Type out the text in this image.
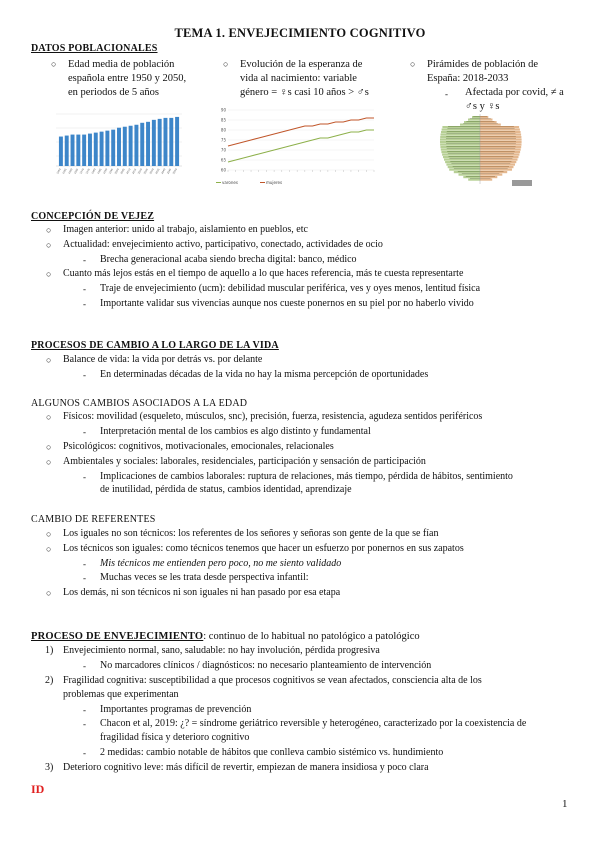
TEMA 1. ENVEJECIMIENTO COGNITIVO
DATOS POBLACIONALES
○ Edad media de población
española entre 1950 y 2050,
en periodos de 5 años
○ Evolución de la esperanza de
vida al nacimiento: variable
género = ♀s casi 10 años > ♂s
○ Pirámides de población de
España: 2018-2033
- Afectada por covid, ≠ a
♂s y ♀s
1950 1955 1960 1965 1970 1975 1980 1985 1990 1995 2000 2005 2010 2015 2020 2025 2030 2035 2040 2045 2050
varones	mujeres
60
65
70
75
80
85
90
CONCEPCIÓN DE VEJEZ
○ Imagen anterior: unido al trabajo, aislamiento en pueblos, etc
○ Actualidad: envejecimiento activo, participativo, conectado, actividades de ocio
- Brecha generacional acaba siendo brecha digital: banco, médico
○ Cuanto más lejos estás en el tiempo de aquello a lo que haces referencia, más te cuesta representarte
- Traje de envejecimiento (ucm): debilidad muscular periférica, ves y oyes menos, lentitud física
- Importante validar sus vivencias aunque nos cueste ponernos en su piel por no haberlo vivido
PROCESOS DE CAMBIO A LO LARGO DE LA VIDA
○ Balance de vida: la vida por detrás vs. por delante
- En determinadas décadas de la vida no hay la misma percepción de oportunidades
ALGUNOS CAMBIOS ASOCIADOS A LA EDAD
○ Físicos: movilidad (esqueleto, músculos, snc), precisión, fuerza, resistencia, agudeza sentidos periféricos
- Interpretación mental de los cambios es algo distinto y fundamental
○ Psicológicos: cognitivos, motivacionales, emocionales, relacionales
○ Ambientales y sociales: laborales, residenciales, participación y sensación de participación
- Implicaciones de cambios laborales: ruptura de relaciones, más tiempo, pérdida de hábitos, sentimiento
de inutilidad, pérdida de status, cambios identidad, aprendizaje
CAMBIO DE REFERENTES
○ Los iguales no son técnicos: los referentes de los señores y señoras son gente de la que se fían
○ Los técnicos son iguales: como técnicos tenemos que hacer un esfuerzo por ponernos en sus zapatos
- Mis técnicos me entienden pero poco, no me siento validado
- Muchas veces se les trata desde perspectiva infantil:
○ Los demás, ni son técnicos ni son iguales ni han pasado por esa etapa
PROCESO DE ENVEJECIMIENTO: continuo de lo habitual no patológico a patológico
1) Envejecimiento normal, sano, saludable: no hay involución, pérdida progresiva
- No marcadores clínicos / diagnósticos: no necesario planteamiento de intervención
2) Fragilidad cognitiva: susceptibilidad a que procesos cognitivos se vean afectados, consciencia alta de los
problemas que experimentan
- Importantes programas de prevención
- Chacon et al, 2019: ¿? = síndrome geriátrico reversible y heterogéneo, caracterizado por la coexistencia de
fragilidad física y deterioro cognitivo
- 2 medidas: cambio notable de hábitos que conlleva cambio sistémico vs. hundimiento
3) Deterioro cognitivo leve: más difícil de revertir, empiezan de manera insidiosa y poco clara
ID
1
